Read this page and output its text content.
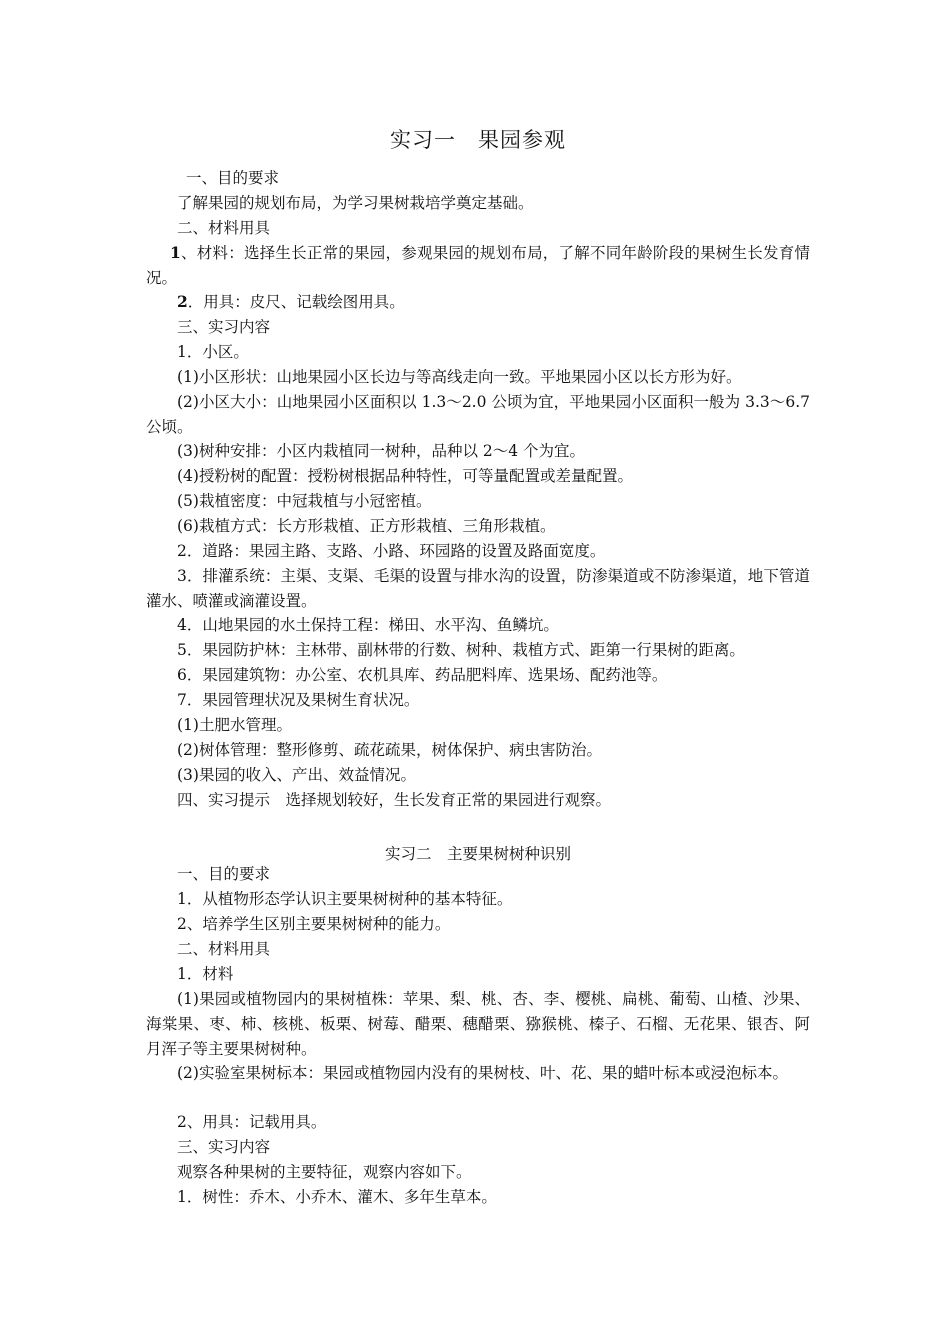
实习一　果园参观
一、目的要求
了解果园的规划布局，为学习果树栽培学奠定基础。
二、材料用具
1、材料：选择生长正常的果园，参观果园的规划布局，了解不同年龄阶段的果树生长发育情况。
2．用具：皮尺、记载绘图用具。
三、实习内容
1．小区。
(1)小区形状：山地果园小区长边与等高线走向一致。平地果园小区以长方形为好。
(2)小区大小：山地果园小区面积以 1.3～2.0 公顷为宜，平地果园小区面积一般为 3.3～6.7 公顷。
(3)树种安排：小区内栽植同一树种，品种以 2～4 个为宜。
(4)授粉树的配置：授粉树根据品种特性，可等量配置或差量配置。
(5)栽植密度：中冠栽植与小冠密植。
(6)栽植方式：长方形栽植、正方形栽植、三角形栽植。
2．道路：果园主路、支路、小路、环园路的设置及路面宽度。
3．排灌系统：主渠、支渠、毛渠的设置与排水沟的设置，防渗渠道或不防渗渠道，地下管道灌水、喷灌或滴灌设置。
4．山地果园的水土保持工程：梯田、水平沟、鱼鳞坑。
5．果园防护林：主林带、副林带的行数、树种、栽植方式、距第一行果树的距离。
6．果园建筑物：办公室、农机具库、药品肥料库、选果场、配药池等。
7．果园管理状况及果树生育状况。
(1)土肥水管理。
(2)树体管理：整形修剪、疏花疏果，树体保护、病虫害防治。
(3)果园的收入、产出、效益情况。
四、实习提示　选择规划较好，生长发育正常的果园进行观察。
实习二　主要果树树种识别
一、目的要求
1．从植物形态学认识主要果树树种的基本特征。
2、培养学生区别主要果树树种的能力。
二、材料用具
1．材料
(1)果园或植物园内的果树植株：苹果、梨、桃、杏、李、樱桃、扁桃、葡萄、山楂、沙果、海棠果、枣、柿、核桃、板栗、树莓、醋栗、穗醋栗、猕猴桃、榛子、石榴、无花果、银杏、阿月浑子等主要果树树种。
(2)实验室果树标本：果园或植物园内没有的果树枝、叶、花、果的蜡叶标本或浸泡标本。
2、用具：记载用具。
三、实习内容
观察各种果树的主要特征，观察内容如下。
1．树性：乔木、小乔木、灌木、多年生草本。
